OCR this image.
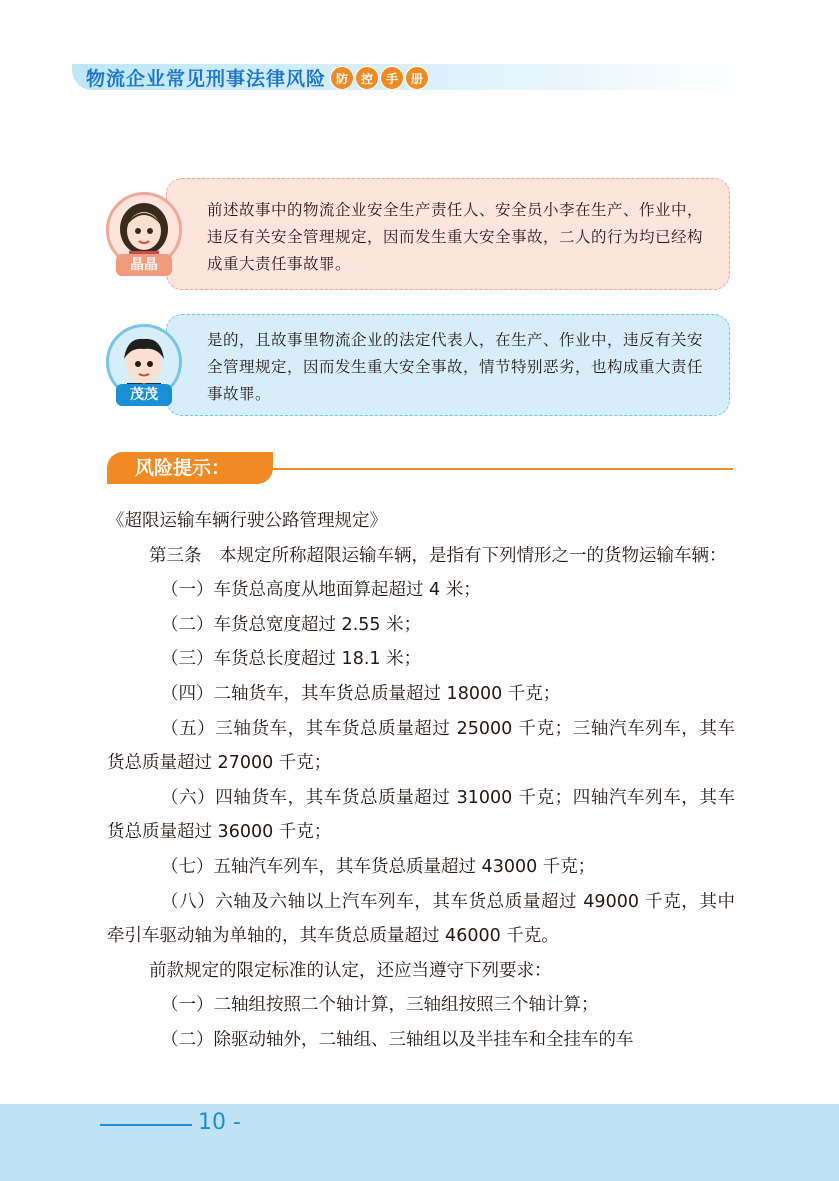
物流企业常见刑事法律风险 防	控	手	册
前述故事中的物流企业安全生产责任人、安全员小李在生产、作业中，违反有关安全管理规定，因而发生重大安全事故，二人的行为均已经构成重大责任事故罪。
晶晶
是的，且故事里物流企业的法定代表人，在生产、作业中，违反有关安全管理规定，因而发生重大安全事故，情节特别恶劣，也构成重大责任事故罪。
茂茂
风险提示：

《超限运输车辆行驶公路管理规定》

第三条　本规定所称超限运输车辆，是指有下列情形之一的货物运输车辆：

（一）车货总高度从地面算起超过 4 米；

（二）车货总宽度超过 2.55 米；

（三）车货总长度超过 18.1 米；

（四）二轴货车，其车货总质量超过 18000 千克；

（五）三轴货车，其车货总质量超过 25000 千克；三轴汽车列车，其车货总质量超过 27000 千克；

（六）四轴货车，其车货总质量超过 31000 千克；四轴汽车列车，其车货总质量超过 36000 千克；

（七）五轴汽车列车，其车货总质量超过 43000 千克；

（八）六轴及六轴以上汽车列车，其车货总质量超过 49000 千克，其中牵引车驱动轴为单轴的，其车货总质量超过 46000 千克。

前款规定的限定标准的认定，还应当遵守下列要求：

（一）二轴组按照二个轴计算，三轴组按照三个轴计算；

（二）除驱动轴外，二轴组、三轴组以及半挂车和全挂车的车

10 -
